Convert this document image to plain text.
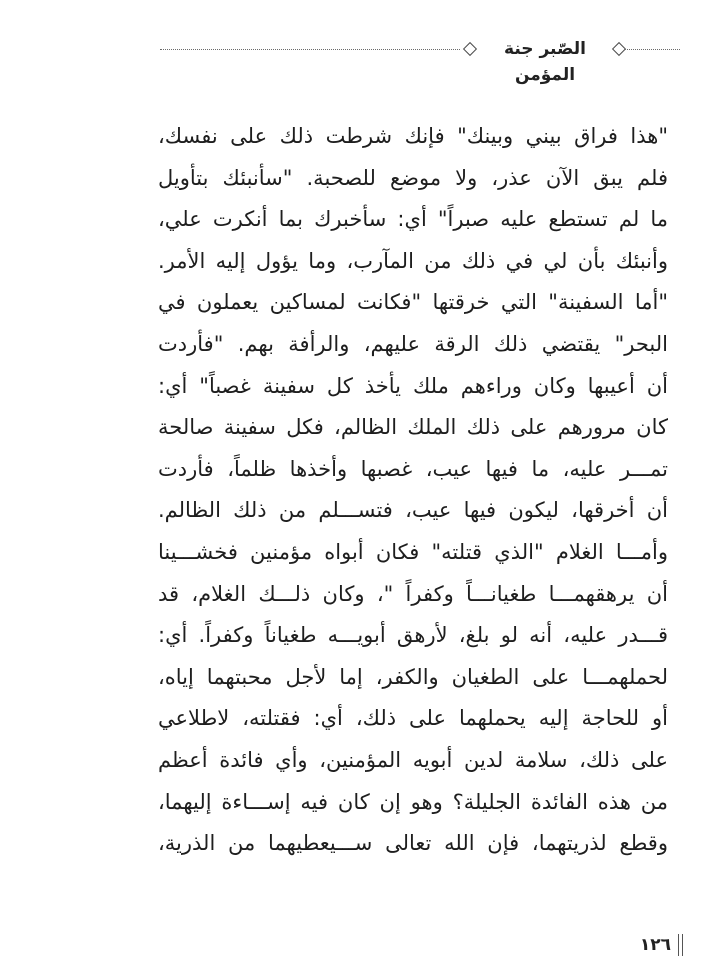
الصّبر جنة المؤمن
"هذا فراق بيني وبينك" فإنك شرطت ذلك على نفسك،
فلم يبق الآن عذر، ولا موضع للصحبة. "سأنبئك بتأويل
ما لم تستطع عليه صبراً" أي: سأخبرك بما أنكرت علي،
وأنبئك بأن لي في ذلك من المآرب، وما يؤول إليه الأمر.
"أما السفينة" التي خرقتها "فكانت لمساكين يعملون في
البحر" يقتضي ذلك الرقة عليهم، والرأفة بهم. "فأردت
أن أعيبها وكان وراءهم ملك يأخذ كل سفينة غصباً" أي:
كان مرورهم على ذلك الملك الظالم، فكل سفينة صالحة
تمـــر عليه، ما فيها عيب، غصبها وأخذها ظلماً، فأردت
أن أخرقها، ليكون فيها عيب، فتســـلم من ذلك الظالم.
وأمـــا الغلام "الذي قتلته" فكان أبواه مؤمنين فخشـــينا
أن يرهقهمـــا طغيانـــاً وكفراً "، وكان ذلـــك الغلام، قد
قـــدر عليه، أنه لو بلغ، لأرهق أبويـــه طغياناً وكفراً. أي:
لحملهمـــا على الطغيان والكفر، إما لأجل محبتهما إياه،
أو للحاجة إليه يحملهما على ذلك، أي: فقتلته، لاطلاعي
على ذلك، سلامة لدين أبويه المؤمنين، وأي فائدة أعظم
من هذه الفائدة الجليلة؟ وهو إن كان فيه إســـاءة إليهما،
وقطع لذريتهما، فإن الله تعالى ســـيعطيهما من الذرية،
١٢٦
